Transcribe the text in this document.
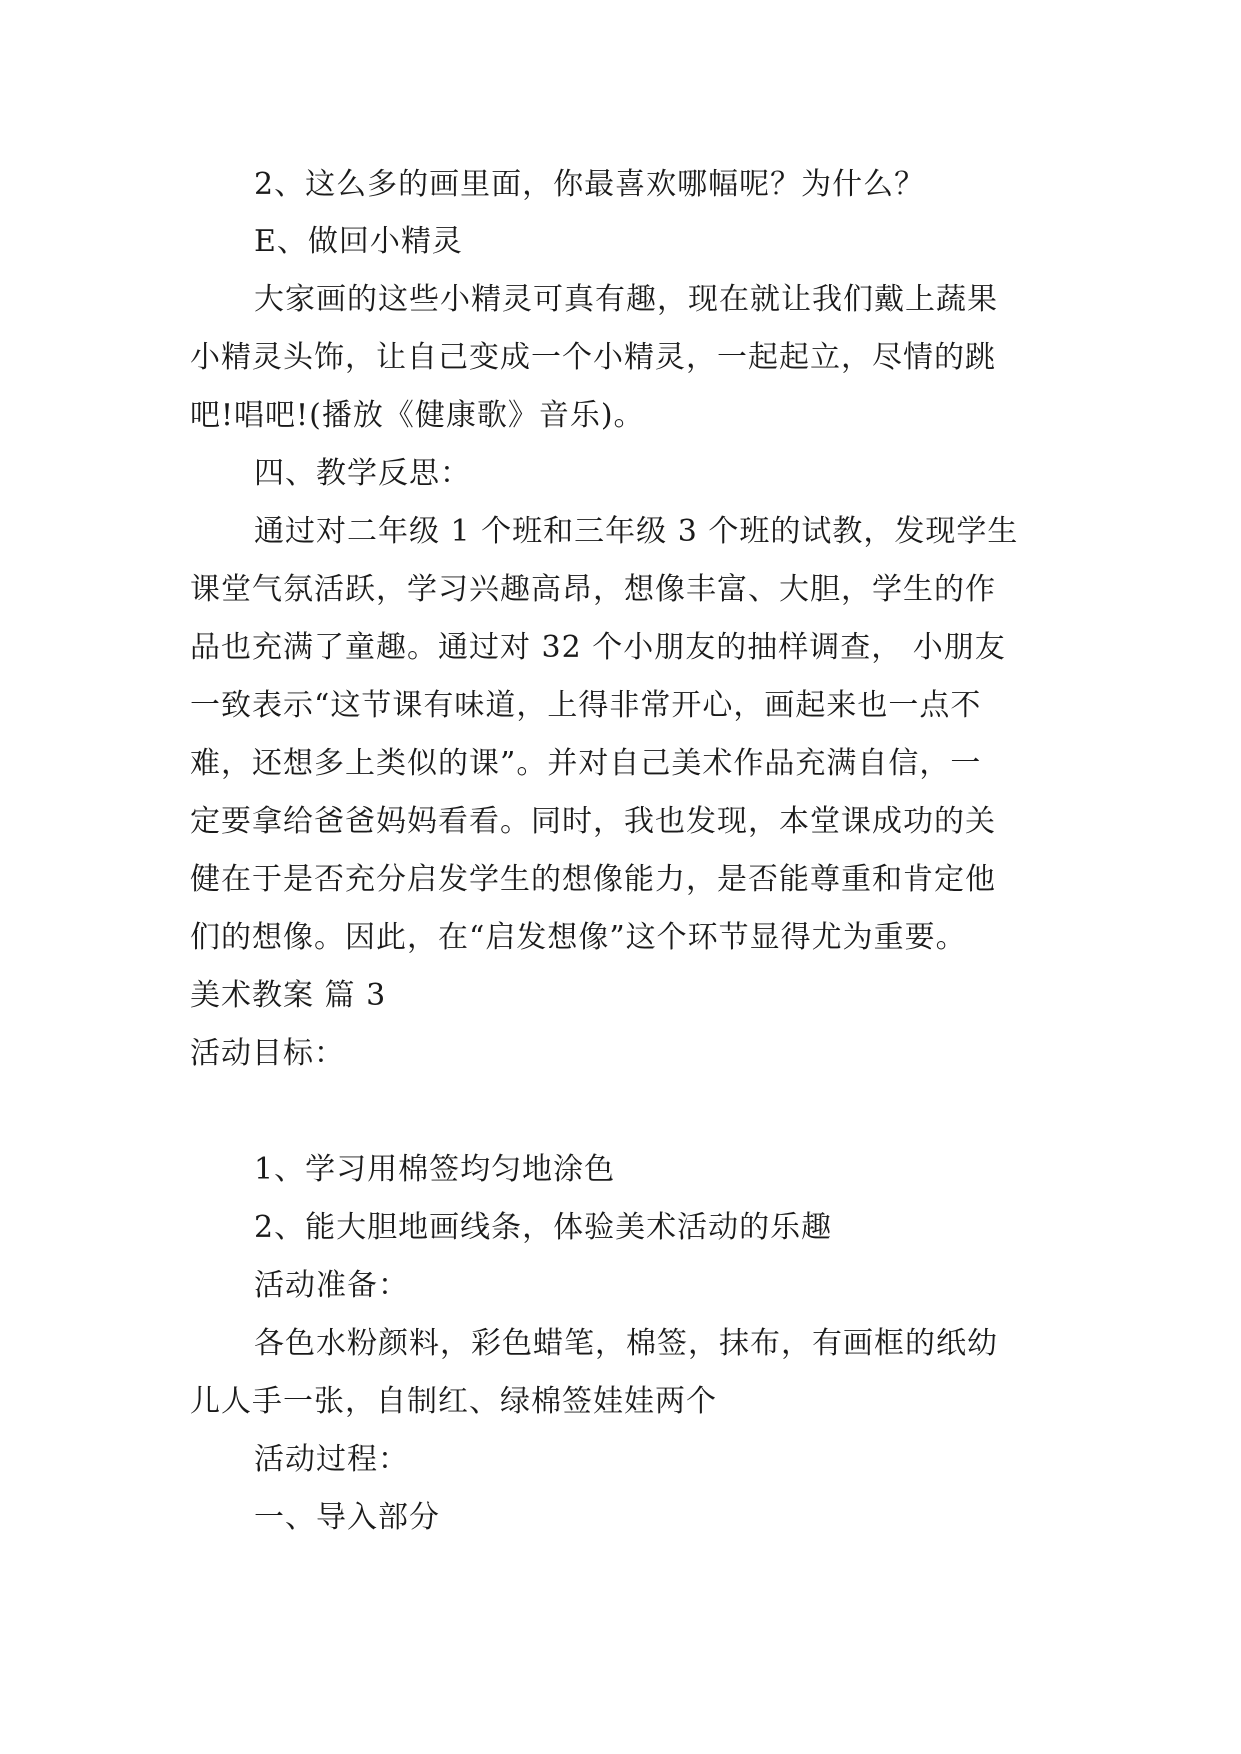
2、这么多的画里面，你最喜欢哪幅呢？为什么？
E、做回小精灵
大家画的这些小精灵可真有趣，现在就让我们戴上蔬果
小精灵头饰，让自己变成一个小精灵，一起起立，尽情的跳
吧!唱吧!(播放《健康歌》音乐)。
四、教学反思：
通过对二年级 1 个班和三年级 3 个班的试教，发现学生
课堂气氛活跃，学习兴趣高昂，想像丰富、大胆，学生的作
品也充满了童趣。通过对 32 个小朋友的抽样调查， 小朋友
一致表示“这节课有味道，上得非常开心，画起来也一点不
难，还想多上类似的课”。并对自己美术作品充满自信，一
定要拿给爸爸妈妈看看。同时，我也发现，本堂课成功的关
健在于是否充分启发学生的想像能力，是否能尊重和肯定他
们的想像。因此，在“启发想像”这个环节显得尤为重要。
美术教案 篇 3
活动目标：
1、学习用棉签均匀地涂色
2、能大胆地画线条，体验美术活动的乐趣
活动准备：
各色水粉颜料，彩色蜡笔，棉签，抹布，有画框的纸幼
儿人手一张，自制红、绿棉签娃娃两个
活动过程：
一、导入部分
